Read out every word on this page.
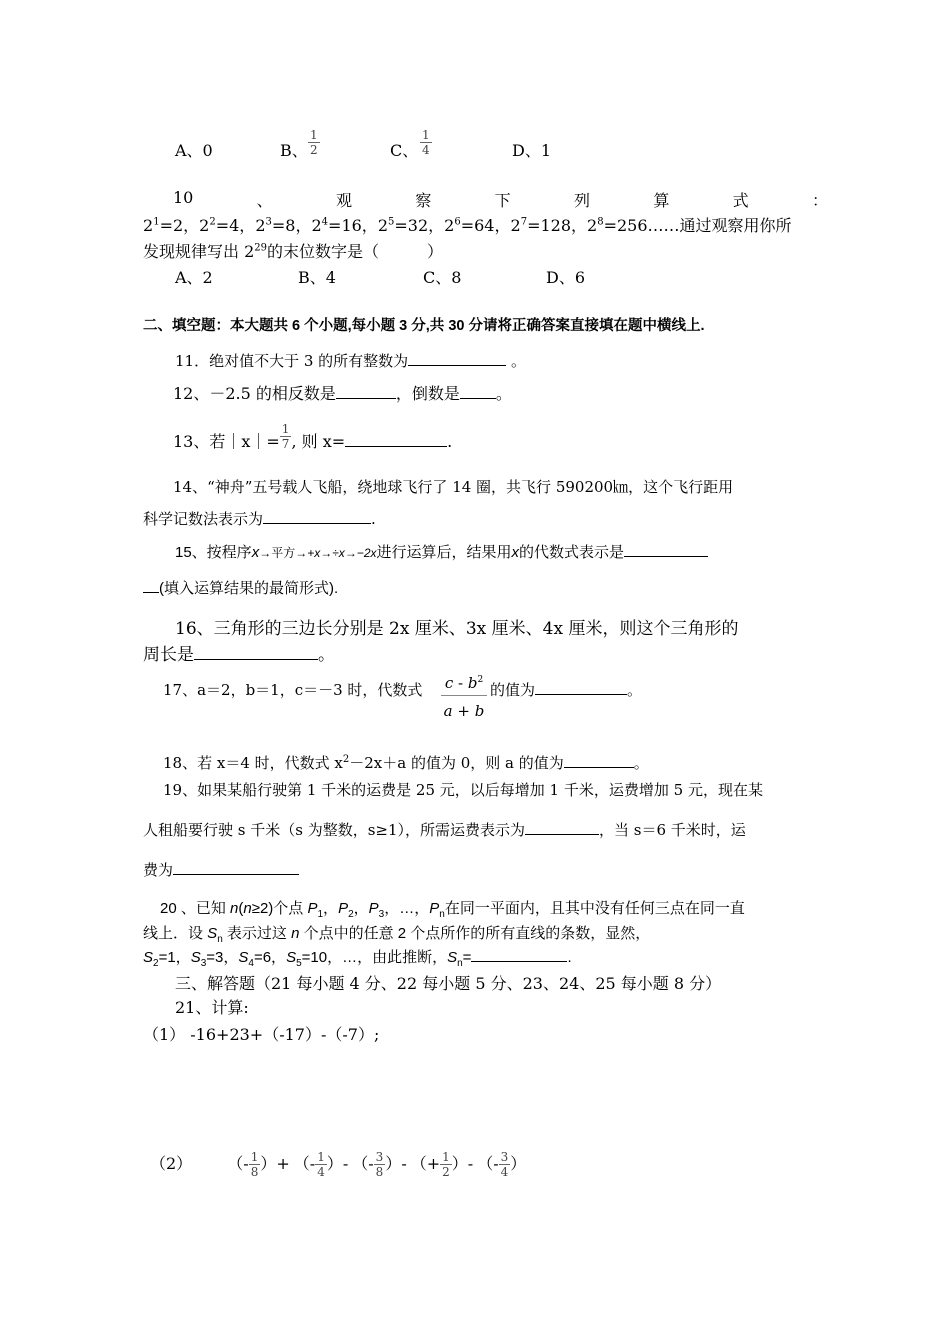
A、0	B、 $\frac{1}{2}$	C、 $\frac{1}{4}$	D、1
10	、	观	察	下	列	算	式	：
$2^1=2$，$2^2=4$，$2^3=8$，$2^4=16$，$2^5=32$，$2^6=64$，$2^7=128$，$2^8=256\dots\dots$通过观察用你所
发现规律写出 $2^{29}$的末位数字是（　　　）
A、2	B、4	C、8	D、6
二、填空题：本大题共 6 个小题,每小题 3 分,共 30 分请将正确答案直接填在题中横线上.
11．绝对值不大于 3 的所有整数为	。
12、－2.5 的相反数是	，倒数是 。
13、若｜x｜= $\frac{1}{7}$ , 则 x=	.
14、“神舟”五号载人飞船，绕地球飞行了 14 圈，共飞行 590200㎞，这个飞行距用
科学记数法表示为	.
15、按程序x→平方→+x→÷x→−2x进行运算后，结果用x的代数式表示是
(填入运算结果的最简形式).
16、三角形的三边长分别是 2x 厘米、3x 厘米、4x 厘米，则这个三角形的
周长是	。
17、a＝2，b＝1，c＝－3 时，代数式 c - $b^2$
a + b
的值为	。
18、若 x＝4 时，代数式 $x^2-2x+a$ 的值为 0，则 a 的值为	。
19、如果某船行驶第 1 千米的运费是 25 元，以后每增加 1 千米，运费增加 5 元，现在某
人租船要行驶 s 千米（s 为整数，s≥1），所需运费表示为	，当 s＝6 千米时，运
费为
20 、已知 n(n≥2)个点 $P_1$，$P_2$，$P_3$，…，$P_n$在同一平面内，且其中没有任何三点在同一直
线上．设 $S_n$ 表示过这 n 个点中的任意 2 个点所作的所有直线的条数，显然，
$S_2=1$，$S_3=3$，$S_4=6$，$S_5=10$，…，由此推断，$S_n=$	.
三、解答题（21 每小题 4 分、22 每小题 5 分、23、24、25 每小题 8 分）
21、计算:
（1） -16+23+（-17）-（-7）;
（2） （- $\frac{1}{8}$ ）+ （- $\frac{1}{4}$ ）- （- $\frac{3}{8}$ ）- （+ $\frac{1}{2}$ ）- （- $\frac{3}{4}$ ）
